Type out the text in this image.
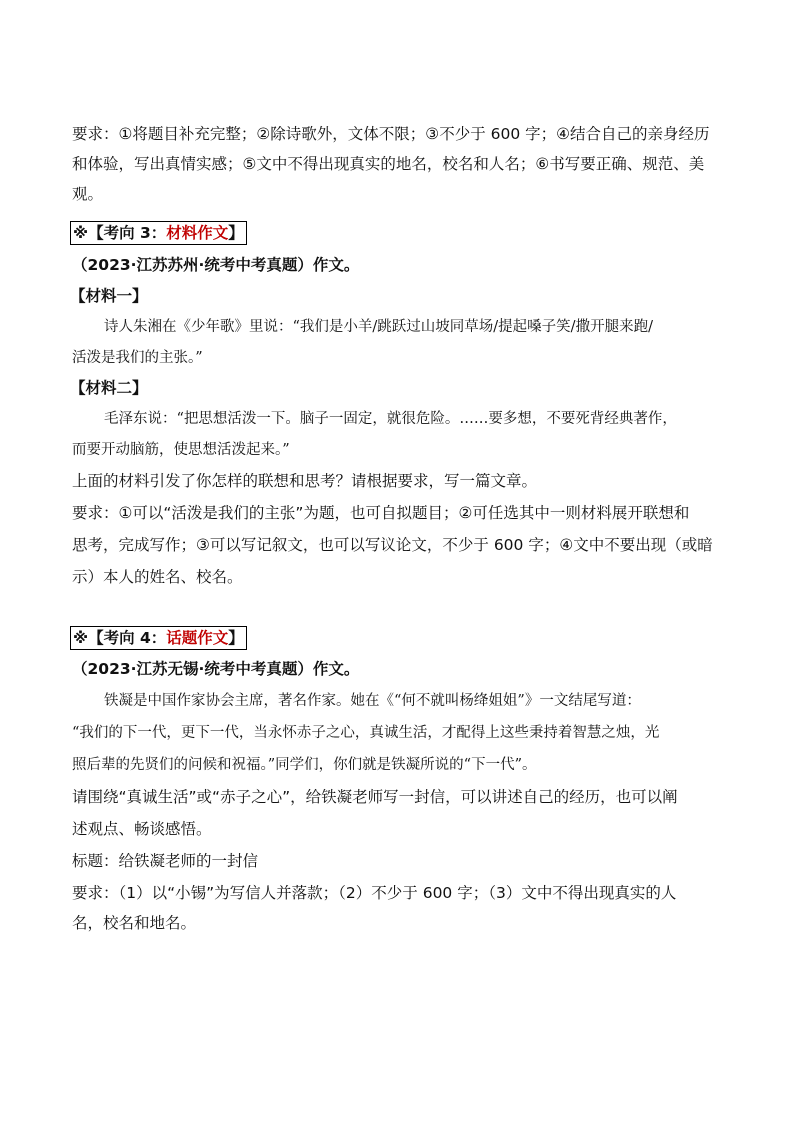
要求：①将题目补充完整；②除诗歌外，文体不限；③不少于 600 字；④结合自己的亲身经历
和体验，写出真情实感；⑤文中不得出现真实的地名，校名和人名；⑥书写要正确、规范、美
观。
※【考向 3：材料作文】
（2023·江苏苏州·统考中考真题）作文。
【材料一】
诗人朱湘在《少年歌》里说：“我们是小羊/跳跃过山坡同草场/提起嗓子笑/撒开腿来跑/
活泼是我们的主张。”
【材料二】
毛泽东说：“把思想活泼一下。脑子一固定，就很危险。……要多想，不要死背经典著作，
而要开动脑筋，使思想活泼起来。”
上面的材料引发了你怎样的联想和思考？请根据要求，写一篇文章。
要求：①可以“活泼是我们的主张”为题，也可自拟题目；②可任选其中一则材料展开联想和
思考，完成写作；③可以写记叙文，也可以写议论文，不少于 600 字；④文中不要出现（或暗
示）本人的姓名、校名。
※【考向 4：话题作文】
（2023·江苏无锡·统考中考真题）作文。
铁凝是中国作家协会主席，著名作家。她在《“何不就叫杨绛姐姐”》一文结尾写道：
“我们的下一代，更下一代，当永怀赤子之心，真诚生活，才配得上这些秉持着智慧之烛，光
照后辈的先贤们的问候和祝福。”同学们，你们就是铁凝所说的“下一代”。
请围绕“真诚生活”或“赤子之心”，给铁凝老师写一封信，可以讲述自己的经历，也可以阐
述观点、畅谈感悟。
标题：给铁凝老师的一封信
要求：（1）以“小锡”为写信人并落款；（2）不少于 600 字；（3）文中不得出现真实的人
名，校名和地名。
